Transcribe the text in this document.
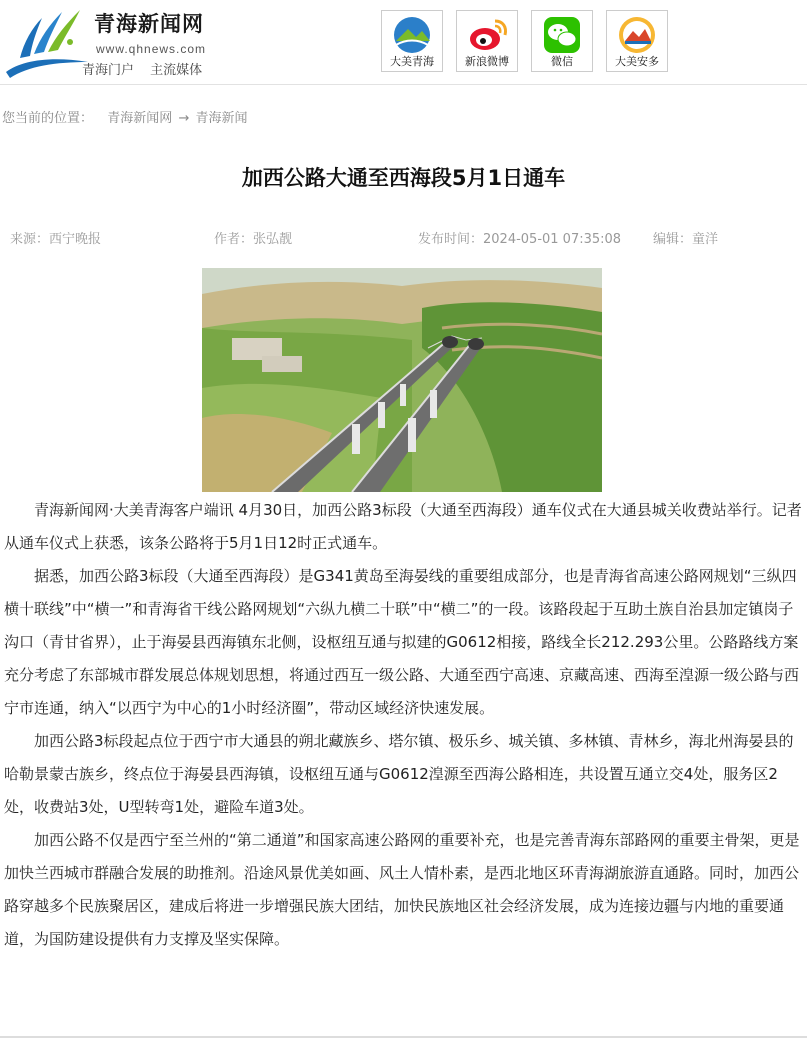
青海新闻网
www.qhnews.com
青海门户 主流媒体
大美青海	新浪微博	微信	大美安多
您当前的位置： 青海新闻网 → 青海新闻
加西公路大通至西海段5月1日通车
来源：西宁晚报	作者：张弘靓	发布时间：2024-05-01 07:35:08 编辑：童洋

青海新闻网·大美青海客户端讯 4月30日，加西公路3标段（大通至西海段）通车仪式在大通县城关收费站举行。记者从通车仪式上获悉，该条公路将于5月1日12时正式通车。

据悉，加西公路3标段（大通至西海段）是G341黄岛至海晏线的重要组成部分，也是青海省高速公路网规划“三纵四横十联线”中“横一”和青海省干线公路网规划“六纵九横二十联”中“横二”的一段。该路段起于互助土族自治县加定镇岗子沟口（青甘省界），止于海晏县西海镇东北侧，设枢纽互通与拟建的G0612相接，路线全长212.293公里。公路路线方案充分考虑了东部城市群发展总体规划思想，将通过西互一级公路、大通至西宁高速、京藏高速、西海至湟源一级公路与西宁市连通，纳入“以西宁为中心的1小时经济圈”，带动区域经济快速发展。

加西公路3标段起点位于西宁市大通县的朔北藏族乡、塔尔镇、极乐乡、城关镇、多林镇、青林乡，海北州海晏县的哈勒景蒙古族乡，终点位于海晏县西海镇，设枢纽互通与G0612湟源至西海公路相连，共设置互通立交4处，服务区2处，收费站3处，U型转弯1处，避险车道3处。

加西公路不仅是西宁至兰州的“第二通道”和国家高速公路网的重要补充，也是完善青海东部路网的重要主骨架，更是加快兰西城市群融合发展的助推剂。沿途风景优美如画、风土人情朴素，是西北地区环青海湖旅游直通路。同时，加西公路穿越多个民族聚居区，建成后将进一步增强民族大团结，加快民族地区社会经济发展，成为连接边疆与内地的重要通道，为国防建设提供有力支撑及坚实保障。
